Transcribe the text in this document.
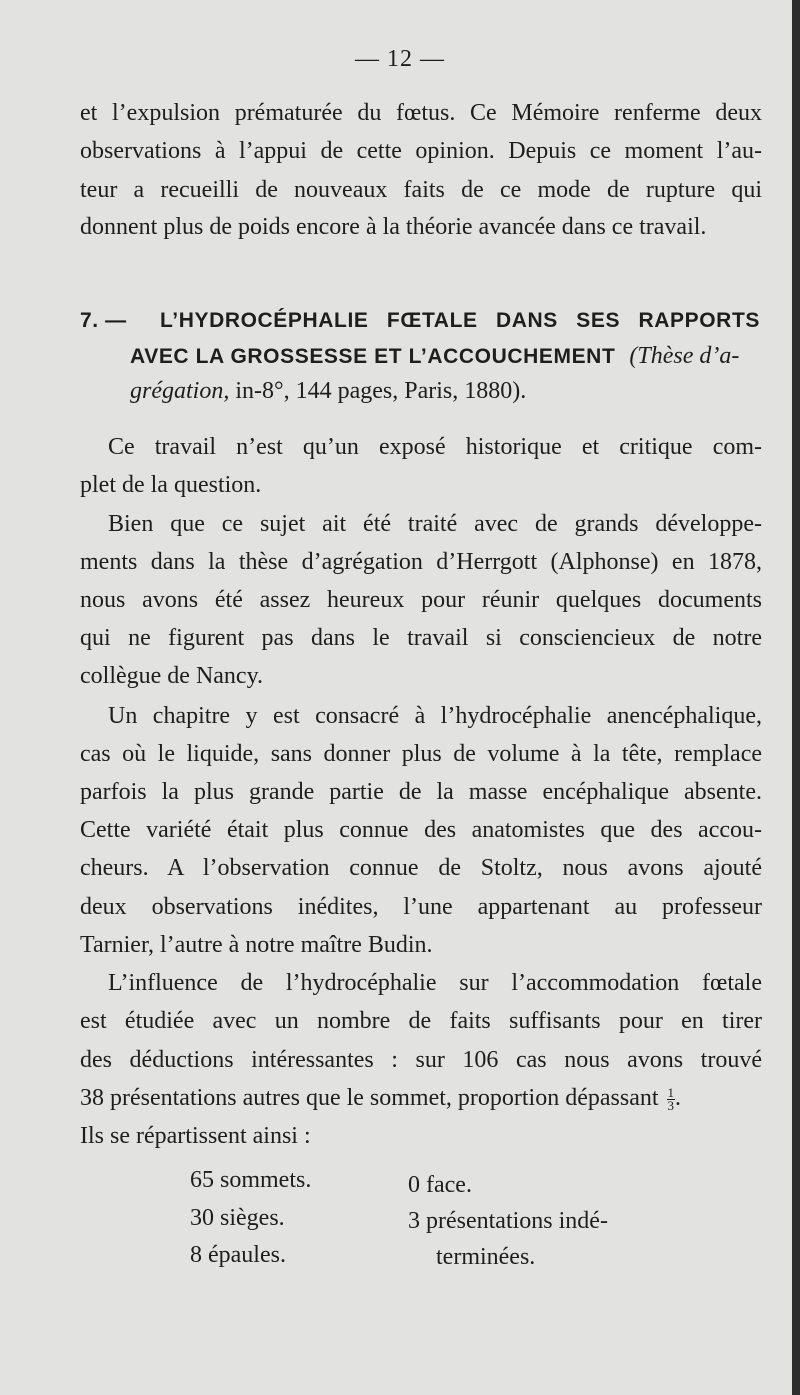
— 12 —
et l’expulsion prématurée du fœtus. Ce Mémoire renferme deux
observations à l’appui de cette opinion. Depuis ce moment l’au-
teur a recueilli de nouveaux faits de ce mode de rupture qui
donnent plus de poids encore à la théorie avancée dans ce travail.
7. — L’HYDROCÉPHALIE FŒTALE DANS SES RAPPORTS
AVEC LA GROSSESSE ET L’ACCOUCHEMENT (Thèse d’a-
grégation, in-8°, 144 pages, Paris, 1880).
Ce travail n’est qu’un exposé historique et critique com-
plet de la question.
Bien que ce sujet ait été traité avec de grands développe-
ments dans la thèse d’agrégation d’Herrgott (Alphonse) en 1878,
nous avons été assez heureux pour réunir quelques documents
qui ne figurent pas dans le travail si consciencieux de notre
collègue de Nancy.
Un chapitre y est consacré à l’hydrocéphalie anencéphalique,
cas où le liquide, sans donner plus de volume à la tête, remplace
parfois la plus grande partie de la masse encéphalique absente.
Cette variété était plus connue des anatomistes que des accou-
cheurs. A l’observation connue de Stoltz, nous avons ajouté
deux observations inédites, l’une appartenant au professeur
Tarnier, l’autre à notre maître Budin.
L’influence de l’hydrocéphalie sur l’accommodation fœtale
est étudiée avec un nombre de faits suffisants pour en tirer
des déductions intéressantes : sur 106 cas nous avons trouvé
38 présentations autres que le sommet, proportion dépassant $\frac{1}{3}$ .
Ils se répartissent ainsi :
65 sommets.
30 sièges.
8 épaules.
0 face.
3 présentations indé-
terminées.
